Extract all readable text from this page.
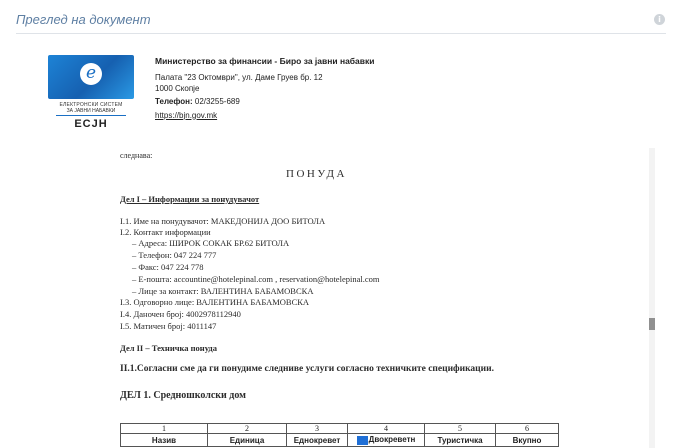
Преглед на документ	i
e
ЕЛЕКТРОНСКИ СИСТЕМ
ЗА ЈАВНИ НАБАВКИ
ЕСЈН
Министерство за финансии - Биро за јавни набавки
Палата "23 Октомври", ул. Даме Груев бр. 12
1000 Скопје
Телефон: 02/3255-689
https://bjn.gov.mk
следнава:
ПОНУДА
Дел I – Информации за понудувачот
I.1. Име на понудувачот: МАКЕДОНИЈА ДОО БИТОЛА
I.2. Контакт информации
– Адреса: ШИРОК СОКАК БР.62 БИТОЛА
– Телефон: 047 224 777
– Факс: 047 224 778
– Е-пошта: accountine@hotelepinal.com , reservation@hotelepinal.com
– Лице за контакт: ВАЛЕНТИНА БАБАМОВСКА
I.3. Одговорно лице: ВАЛЕНТИНА БАБАМОВСКА
I.4. Даночен број: 4002978112940
I.5. Матичен број: 4011147
Дел II – Техничка понуда
II.1.Согласни сме да ги понудиме следниве услуги согласно техничките спецификации.
ДЕЛ 1. Средношколски дом
1	2	3	4	5	6
Назив	Единица	Еднокревет	Двокреветн	Туристичка	Вкупно
